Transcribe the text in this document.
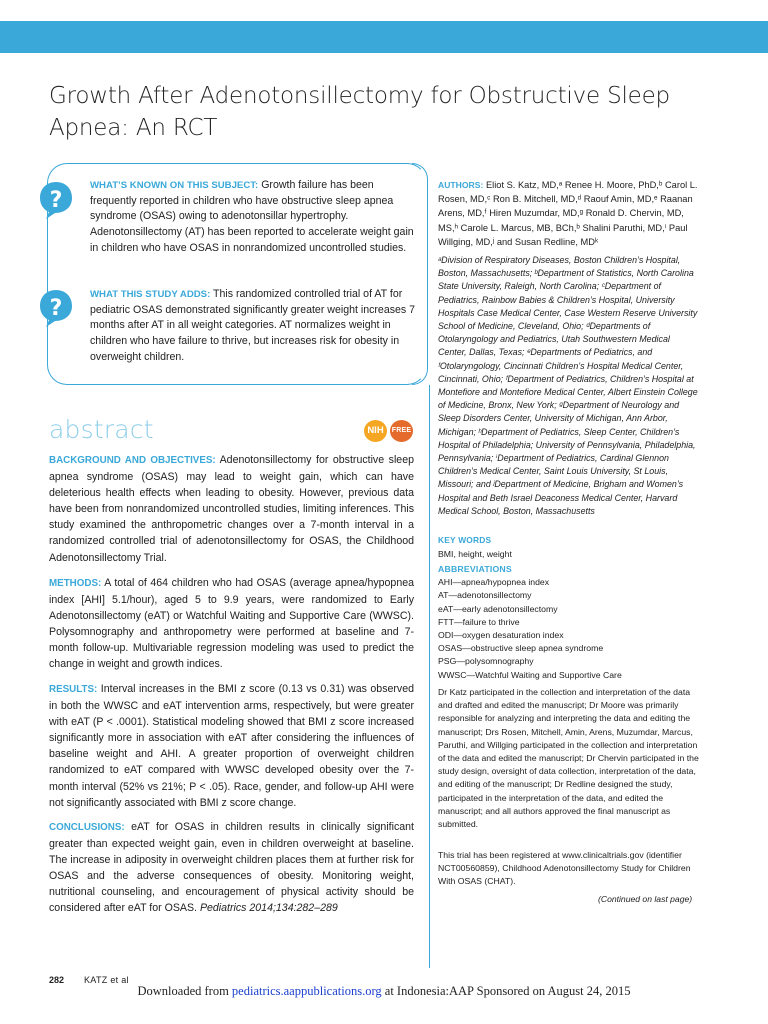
Growth After Adenotonsillectomy for Obstructive Sleep Apnea: An RCT
?
?

WHAT’S KNOWN ON THIS SUBJECT: Growth failure has been frequently reported in children who have obstructive sleep apnea syndrome (OSAS) owing to adenotonsillar hypertrophy. Adenotonsillectomy (AT) has been reported to accelerate weight gain in children who have OSAS in nonrandomized uncontrolled studies.

WHAT THIS STUDY ADDS: This randomized controlled trial of AT for pediatric OSAS demonstrated significantly greater weight increases 7 months after AT in all weight categories. AT normalizes weight in children who have failure to thrive, but increases risk for obesity in overweight children.

abstract	NIH	FREE

BACKGROUND AND OBJECTIVES: Adenotonsillectomy for obstructive sleep apnea syndrome (OSAS) may lead to weight gain, which can have deleterious health effects when leading to obesity. However, previous data have been from nonrandomized uncontrolled studies, limiting inferences. This study examined the anthropometric changes over a 7-month interval in a randomized controlled trial of adenotonsillectomy for OSAS, the Childhood Adenotonsillectomy Trial.

METHODS: A total of 464 children who had OSAS (average apnea/hypopnea index [AHI] 5.1/hour), aged 5 to 9.9 years, were randomized to Early Adenotonsillectomy (eAT) or Watchful Waiting and Supportive Care (WWSC). Polysomnography and anthropometry were performed at baseline and 7-month follow-up. Multivariable regression modeling was used to predict the change in weight and growth indices.

RESULTS: Interval increases in the BMI z score (0.13 vs 0.31) was observed in both the WWSC and eAT intervention arms, respectively, but were greater with eAT (P < .0001). Statistical modeling showed that BMI z score increased significantly more in association with eAT after considering the influences of baseline weight and AHI. A greater proportion of overweight children randomized to eAT compared with WWSC developed obesity over the 7-month interval (52% vs 21%; P < .05). Race, gender, and follow-up AHI were not significantly associated with BMI z score change.

CONCLUSIONS: eAT for OSAS in children results in clinically significant greater than expected weight gain, even in children overweight at baseline. The increase in adiposity in overweight children places them at further risk for OSAS and the adverse consequences of obesity. Monitoring weight, nutritional counseling, and encouragement of physical activity should be considered after eAT for OSAS. Pediatrics 2014;134:282–289

AUTHORS: Eliot S. Katz, MD,ᵃ Renee H. Moore, PhD,ᵇ Carol L. Rosen, MD,ᶜ Ron B. Mitchell, MD,ᵈ Raouf Amin, MD,ᵉ Raanan Arens, MD,ᶠ Hiren Muzumdar, MD,ᵍ Ronald D. Chervin, MD, MS,ʰ Carole L. Marcus, MB, BCh,ᵇ Shalini Paruthi, MD,ⁱ Paul Willging, MD,ʲ and Susan Redline, MDᵏ

ᵃDivision of Respiratory Diseases, Boston Children’s Hospital, Boston, Massachusetts; ᵇDepartment of Statistics, North Carolina State University, Raleigh, North Carolina; ᶜDepartment of Pediatrics, Rainbow Babies & Children’s Hospital, University Hospitals Case Medical Center, Case Western Reserve University School of Medicine, Cleveland, Ohio; ᵈDepartments of Otolaryngology and Pediatrics, Utah Southwestern Medical Center, Dallas, Texas; ᵉDepartments of Pediatrics, and ᶠOtolaryngology, Cincinnati Children’s Hospital Medical Center, Cincinnati, Ohio; ᶠDepartment of Pediatrics, Children’s Hospital at Montefiore and Montefiore Medical Center, Albert Einstein College of Medicine, Bronx, New York; ᵍDepartment of Neurology and Sleep Disorders Center, University of Michigan, Ann Arbor, Michigan; ʰDepartment of Pediatrics, Sleep Center, Children’s Hospital of Philadelphia; University of Pennsylvania, Philadelphia, Pennsylvania; ⁱDepartment of Pediatrics, Cardinal Glennon Children’s Medical Center, Saint Louis University, St Louis, Missouri; and ʲDepartment of Medicine, Brigham and Women’s Hospital and Beth Israel Deaconess Medical Center, Harvard Medical School, Boston, Massachusetts

KEY WORDS
BMI, height, weight
ABBREVIATIONS
AHI—apnea/hypopnea index
AT—adenotonsillectomy
eAT—early adenotonsillectomy
FTT—failure to thrive
ODI—oxygen desaturation index
OSAS—obstructive sleep apnea syndrome
PSG—polysomnography
WWSC—Watchful Waiting and Supportive Care

Dr Katz participated in the collection and interpretation of the data and drafted and edited the manuscript; Dr Moore was primarily responsible for analyzing and interpreting the data and editing the manuscript; Drs Rosen, Mitchell, Amin, Arens, Muzumdar, Marcus, Paruthi, and Willging participated in the collection and interpretation of the data and edited the manuscript; Dr Chervin participated in the study design, oversight of data collection, interpretation of the data, and editing of the manuscript; Dr Redline designed the study, participated in the interpretation of the data, and edited the manuscript; and all authors approved the final manuscript as submitted.

This trial has been registered at www.clinicaltrials.gov (identifier NCT00560859), Childhood Adenotonsillectomy Study for Children With OSAS (CHAT).

(Continued on last page)
282 KATZ et al
Downloaded from pediatrics.aappublications.org at Indonesia:AAP Sponsored on August 24, 2015
